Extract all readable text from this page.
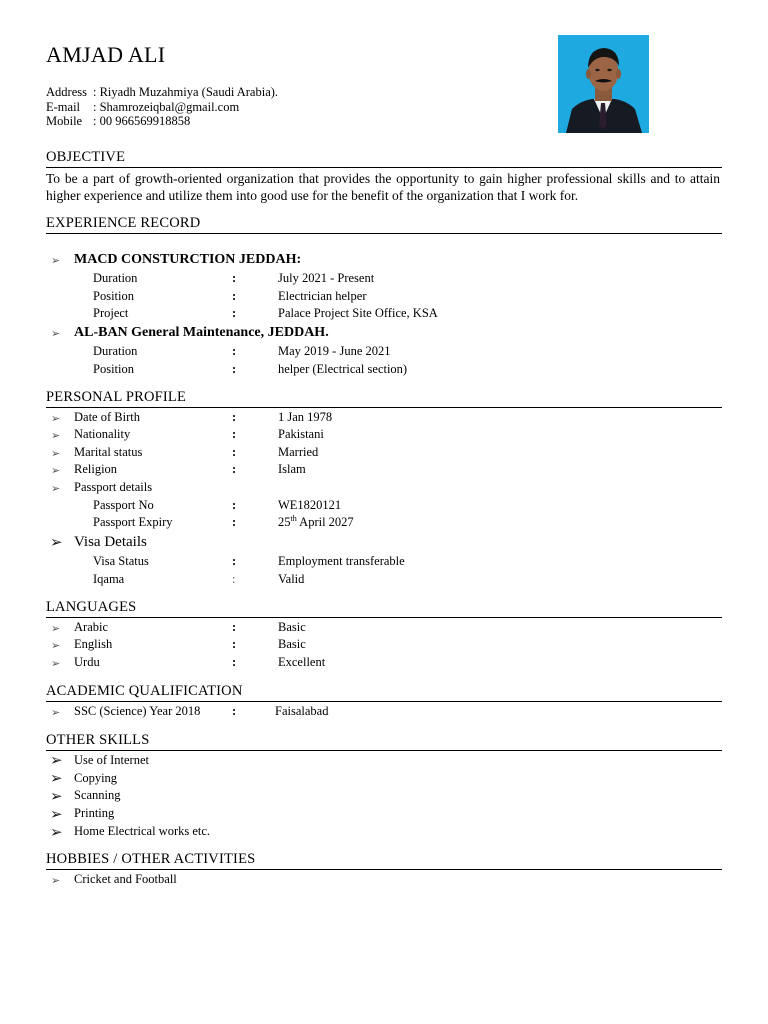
AMJAD ALI
Address : Riyadh Muzahmiya (Saudi Arabia).
E-mail : Shamrozeiqbal@gmail.com
Mobile : 00 966569918858
OBJECTIVE
To be a part of growth-oriented organization that provides the opportunity to gain higher professional skills and to attain higher experience and utilize them into good use for the benefit of the organization that I work for.
EXPERIENCE RECORD
➢ MACD CONSTURCTION JEDDAH:
Duration	:	July 2021 - Present
Position	:	Electrician helper
Project	:	Palace Project Site Office, KSA
➢ AL-BAN General Maintenance, JEDDAH.
Duration	:	May 2019 - June 2021
Position	:	helper (Electrical section)
PERSONAL PROFILE
➢ Date of Birth	:	1 Jan 1978
➢ Nationality	:	Pakistani
➢ Marital status	:	Married
➢ Religion	:	Islam
➢ Passport details
Passport No	:	WE1820121
Passport Expiry	:	25th April 2027
➢ Visa Details
Visa Status	:	Employment transferable
Iqama	:	Valid
LANGUAGES
➢ Arabic	:	Basic
➢ English	:	Basic
➢ Urdu	:	Excellent
ACADEMIC QUALIFICATION
➢ SSC (Science) Year 2018	:	Faisalabad
OTHER SKILLS
➢ Use of Internet
➢ Copying
➢ Scanning
➢ Printing
➢ Home Electrical works etc.
HOBBIES / OTHER ACTIVITIES
➢ Cricket and Football
